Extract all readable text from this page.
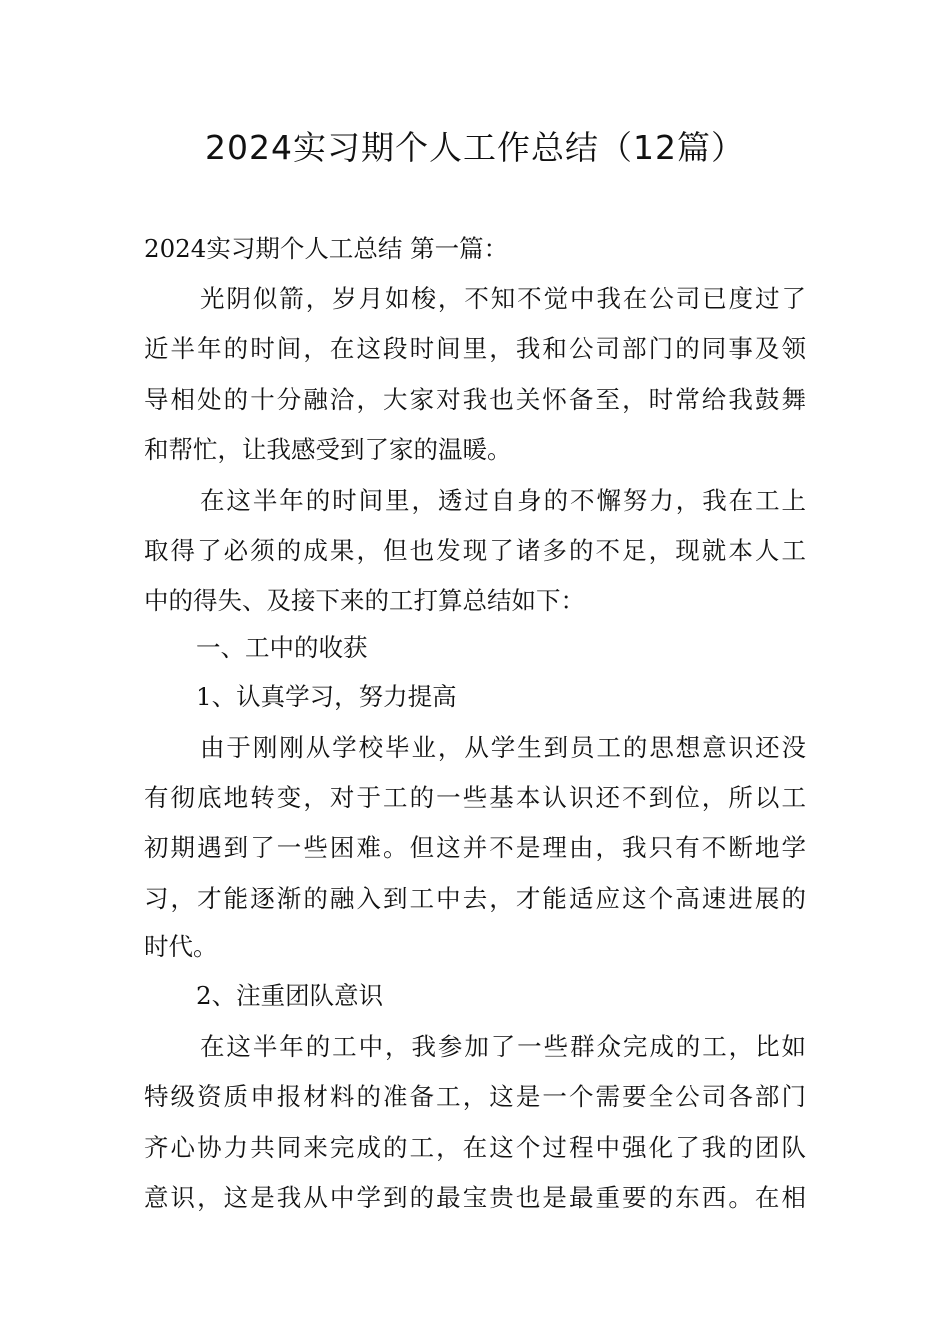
2024实习期个人工作总结（12篇）
2024实习期个人工总结 第一篇：
光阴似箭，岁月如梭，不知不觉中我在公司已度过了
近半年的时间，在这段时间里，我和公司部门的同事及领
导相处的十分融洽，大家对我也关怀备至，时常给我鼓舞
和帮忙，让我感受到了家的温暖。
在这半年的时间里，透过自身的不懈努力，我在工上
取得了必须的成果，但也发现了诸多的不足，现就本人工
中的得失、及接下来的工打算总结如下：
一、工中的收获
1、认真学习，努力提高
由于刚刚从学校毕业，从学生到员工的思想意识还没
有彻底地转变，对于工的一些基本认识还不到位，所以工
初期遇到了一些困难。但这并不是理由，我只有不断地学
习，才能逐渐的融入到工中去，才能适应这个高速进展的
时代。
2、注重团队意识
在这半年的工中，我参加了一些群众完成的工，比如
特级资质申报材料的准备工，这是一个需要全公司各部门
齐心协力共同来完成的工，在这个过程中强化了我的团队
意识，这是我从中学到的最宝贵也是最重要的东西。在相
